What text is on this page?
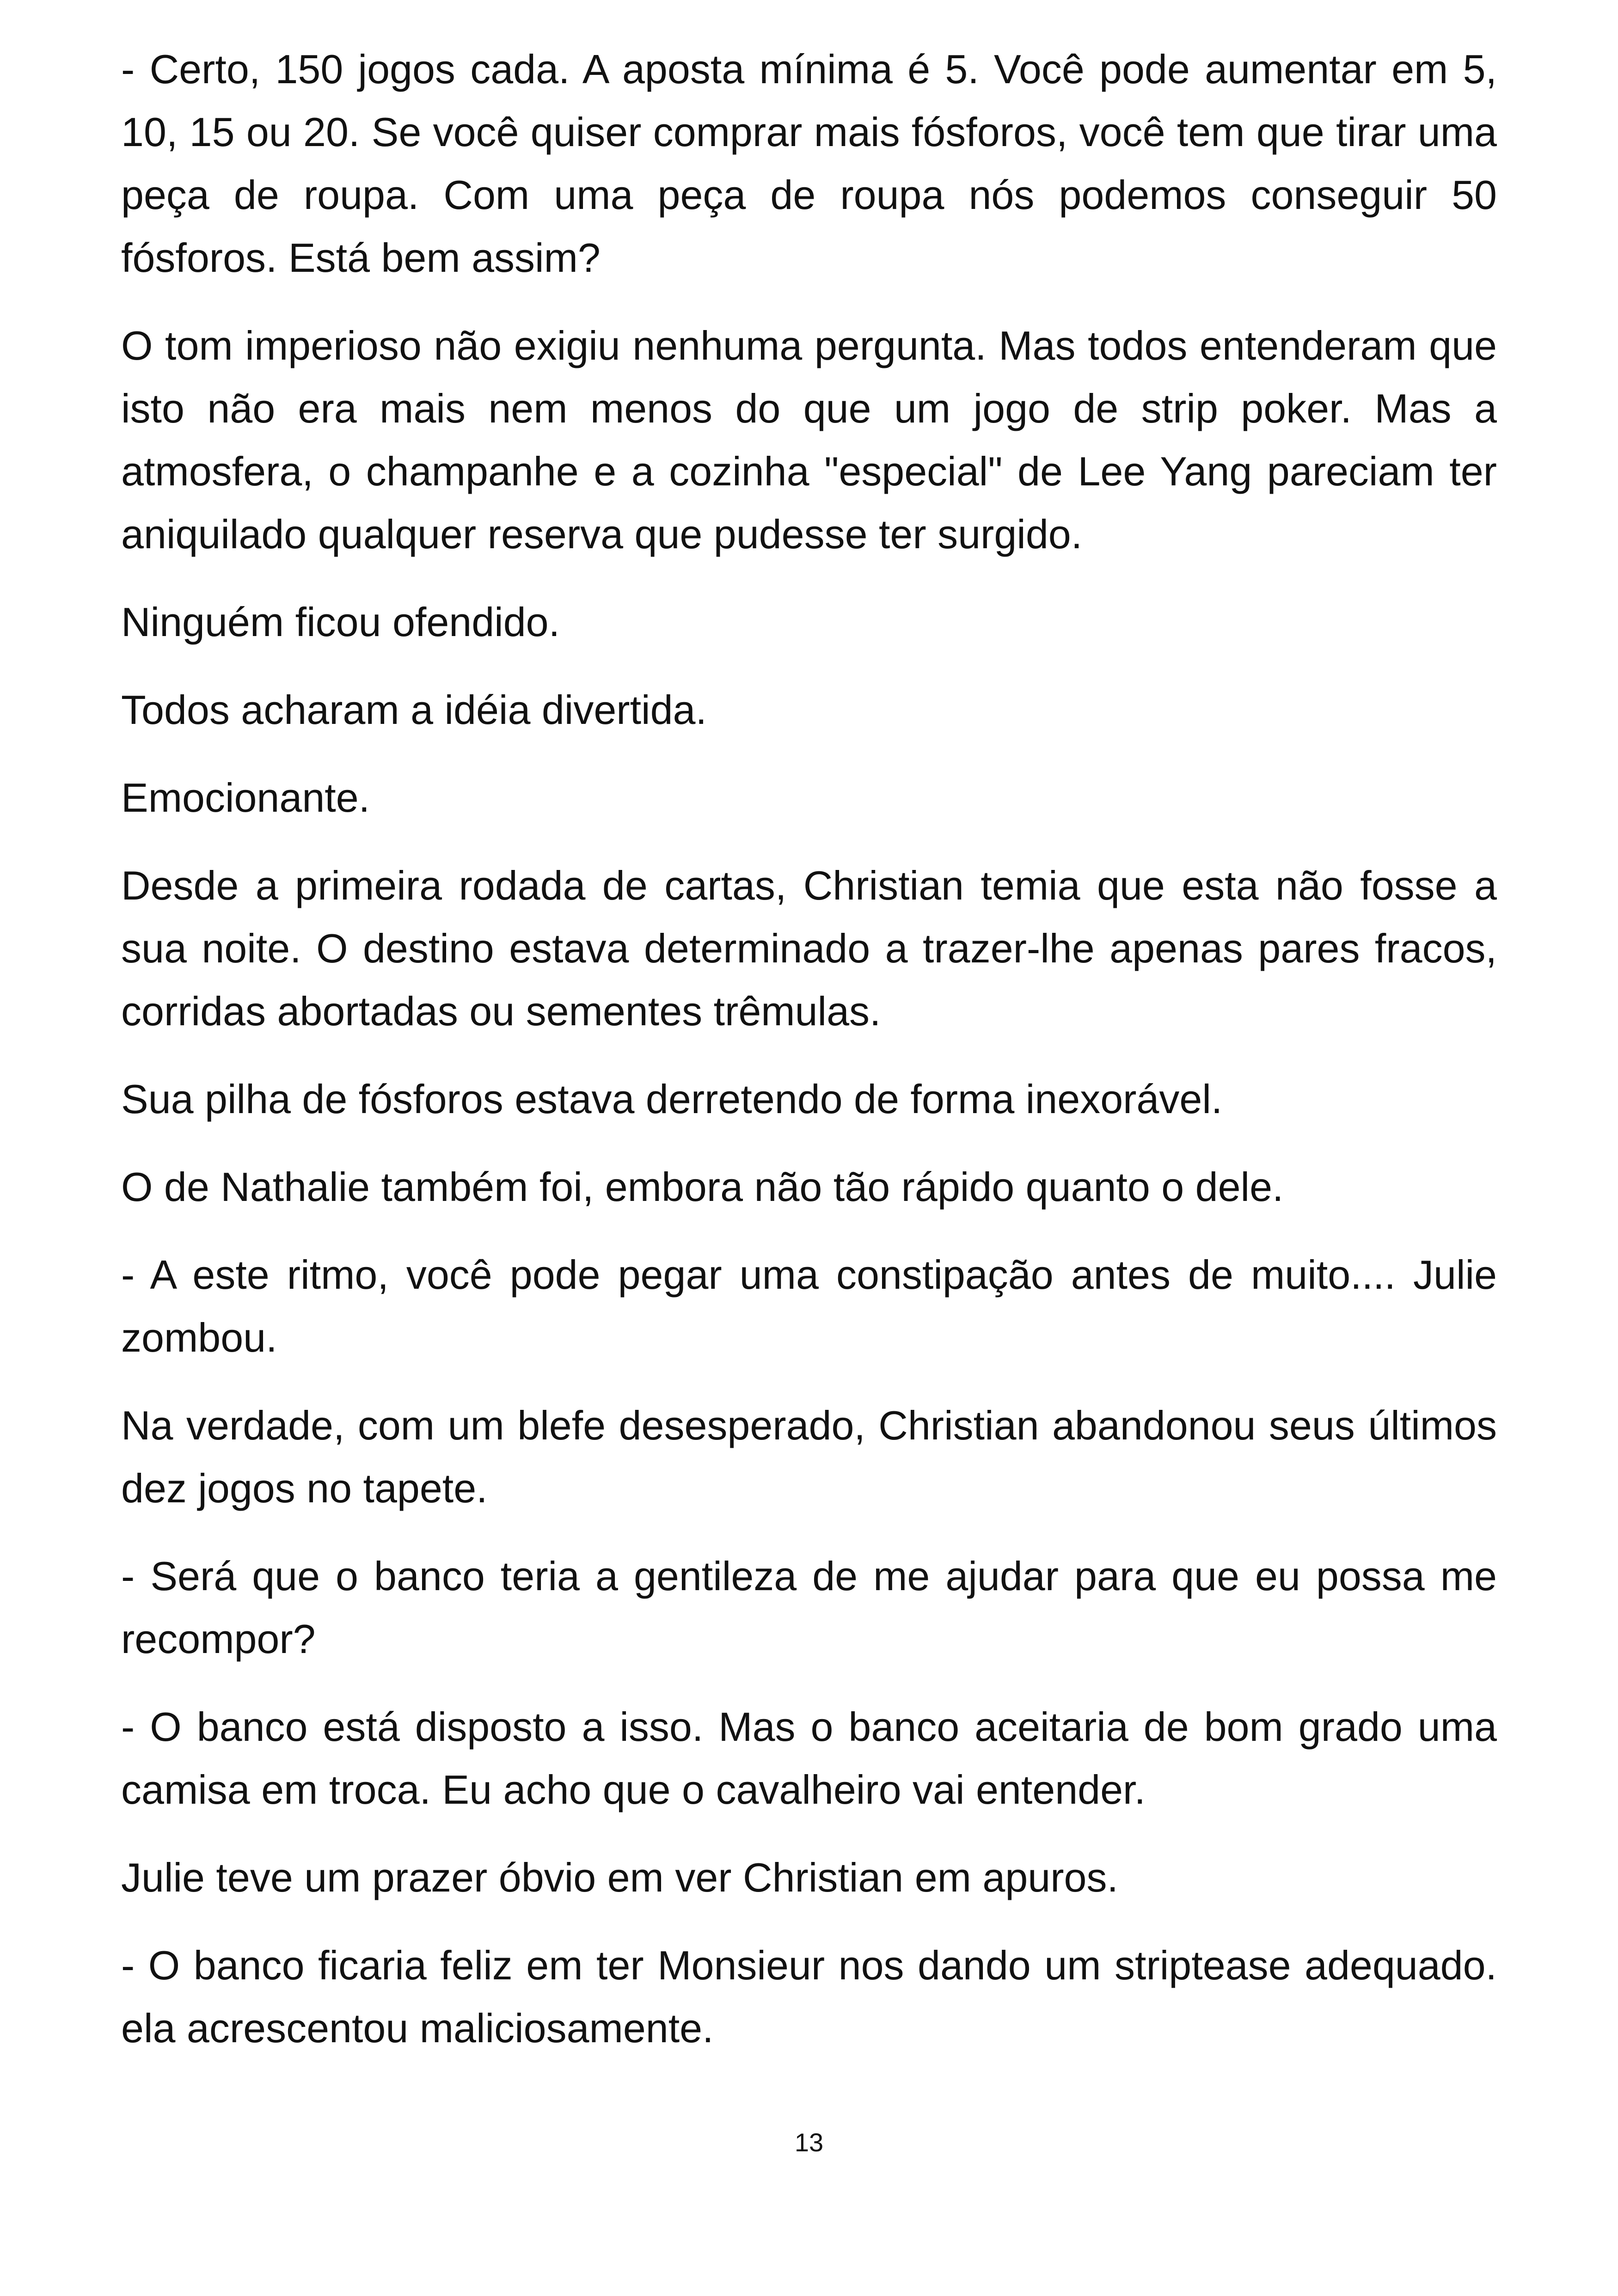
- Certo, 150 jogos cada. A aposta mínima é 5. Você pode aumentar em 5, 10, 15 ou 20. Se você quiser comprar mais fósforos, você tem que tirar uma peça de roupa. Com uma peça de roupa nós podemos conseguir 50 fósforos. Está bem assim?

O tom imperioso não exigiu nenhuma pergunta. Mas todos entenderam que isto não era mais nem menos do que um jogo de strip poker. Mas a atmosfera, o champanhe e a cozinha "especial" de Lee Yang pareciam ter aniquilado qualquer reserva que pudesse ter surgido.

Ninguém ficou ofendido.

Todos acharam a idéia divertida.

Emocionante.

Desde a primeira rodada de cartas, Christian temia que esta não fosse a sua noite. O destino estava determinado a trazer-lhe apenas pares fracos, corridas abortadas ou sementes trêmulas.

Sua pilha de fósforos estava derretendo de forma inexorável.

O de Nathalie também foi, embora não tão rápido quanto o dele.

- A este ritmo, você pode pegar uma constipação antes de muito.... Julie zombou.

Na verdade, com um blefe desesperado, Christian abandonou seus últimos dez jogos no tapete.

- Será que o banco teria a gentileza de me ajudar para que eu possa me recompor?

- O banco está disposto a isso. Mas o banco aceitaria de bom grado uma camisa em troca. Eu acho que o cavalheiro vai entender.

Julie teve um prazer óbvio em ver Christian em apuros.

- O banco ficaria feliz em ter Monsieur nos dando um striptease adequado. ela acrescentou maliciosamente.

13
